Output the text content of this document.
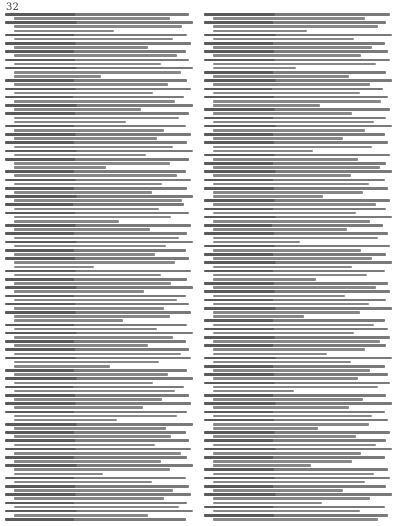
32
